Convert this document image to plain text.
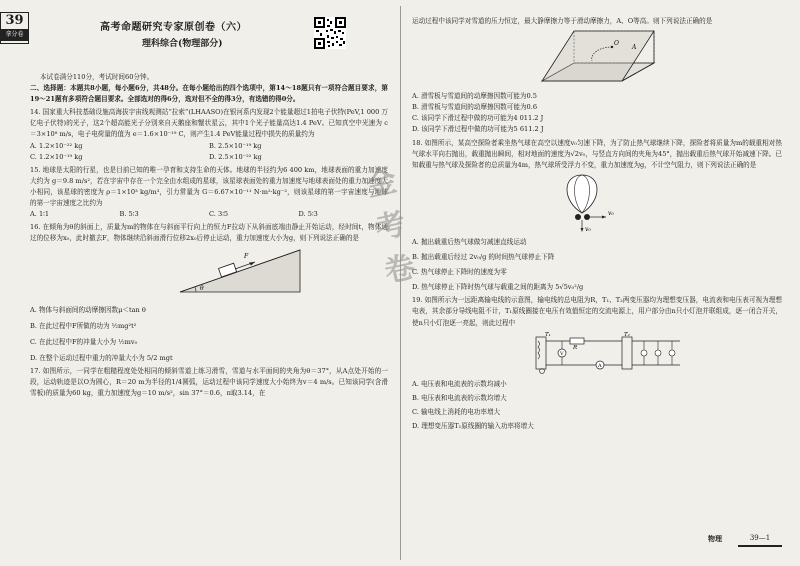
39
拿分卷
高考命题研究专家原创卷（六）
理科综合(物理部分)

本试卷满分110分，考试时间60分钟。

二、选择题：本题共8小题，每小题6分，共48分。在每小题给出的四个选项中，第14～18题只有一项符合题目要求，第19～21题有多项符合题目要求。全部选对的得6分，选对但不全的得3分，有选错的得0分。

14. 国家重大科技基础设施高海拔宇宙线观测站“拉索”(LHAASO)在银河系内发现2个能量超过1拍电子伏特(PeV,1 000 万亿电子伏特)的光子，这2个超高能光子分别来自天鹅座和蟹状星云，其中1个光子能量高达1.4 PeV。已知真空中光速为 c＝3×10⁸ m/s，电子电荷量的值为 e＝1.6×10⁻¹⁹ C，则产生1.4 PeV能量过程中损失的质量约为

A. 1.2×10⁻²² kg	B. 2.5×10⁻¹⁹ kg
C. 1.2×10⁻¹⁹ kg	D. 2.5×10⁻²² kg

15. 地球是太阳的行星，也是目前已知的唯一孕育和支持生命的天体。地球的半径约为6 400 km，地球表面的重力加速度大约为 g＝9.8 m/s²，若在宇宙中存在一个完全由水组成的星球，该星球表面处的重力加速度与地球表面处的重力加速度大小相同，该星球的密度为 ρ＝1×10³ kg/m³，引力常量为 G＝6.67×10⁻¹¹ N·m²·kg⁻²，则该星球的第一宇宙速度与地球的第一宇宙速度之比约为

A. 1∶1	B. 5∶3	C. 3∶5	D. 5∶3

16. 在倾角为θ的斜面上，质量为m的物体在与斜面平行向上的恒力F拉动下从斜面底端由静止开始运动，经时间t，物体通过的位移为x₀，此时撤去F，物体继续沿斜面滑行位移2x₀后停止运动，重力加速度大小为g，则下列说法正确的是

F
θ

A. 物体与斜面间的动摩擦因数μ＜tan θ

B. 在此过程中F所做的功为 ½mg²t²

C. 在此过程中F的冲量大小为 ½mv₀

D. 在整个运动过程中重力的冲量大小为 5/2 mgt

17. 如图所示，一同学在粗糙程度处处相同的倾斜雪道上练习滑雪，雪道与水平面间的夹角为θ＝37°，从A点处开始的一段，运动轨迹是以O为圆心，R＝20 m为半径的1/4圆弧，运动过程中该同学速度大小始终为v＝4 m/s。已知该同学(含滑雪板)的质量为60 kg，重力加速度为g＝10 m/s²，sin 37°＝0.6，π取3.14，在

金考卷

运动过程中该同学对雪道的压力恒定，最大静摩擦力等于滑动摩擦力，A、O等高。则下列说法正确的是

O
A

A. 滑雪板与雪道间的动摩擦因数可能为0.5

B. 滑雪板与雪道间的动摩擦因数可能为0.6

C. 该同学下滑过程中做的功可能为4 011.2 J

D. 该同学下滑过程中做的功可能为5 611.2 J

18. 如图所示，某高空探险者乘坐热气球在高空以速度v₀匀速下降，为了防止热气球继续下降，探险者将质量为m的载重相对热气球水平向右抛出，载重抛出瞬间，相对地面的速度为√2v₀，与竖直方向间的夹角为45°，抛出载重后热气球开始减速下降。已知载重与热气球及探险者的总质量为4m，热气球所受浮力不变，重力加速度为g，不计空气阻力，则下列说法正确的是

v₀
v₀

A. 抛出载重后热气球做匀减速直线运动

B. 抛出载重后经过 2v₀/g 的时间热气球停止下降

C. 热气球停止下降时的速度为零

D. 热气球停止下降时热气球与载重之间的距离为 5√5v₀²/g

19. 如图所示为一远距离输电线的示意图，输电线的总电阻为R，T₁、T₂两变压器均为理想变压器，电流表和电压表可视为理想电表，其余部分导线电阻不计，T₁原线圈接在电压有效值恒定的交流电源上，用户部分由n只小灯泡并联组成，逐一闭合开关，使n只小灯泡逐一亮起，则此过程中

T₁
R
V
A
T₂

A. 电压表和电流表的示数均减小

B. 电压表和电流表的示数均增大

C. 输电线上消耗的电功率增大

D. 理想变压器T₁原线圈的输入功率将增大

物理	39—1
